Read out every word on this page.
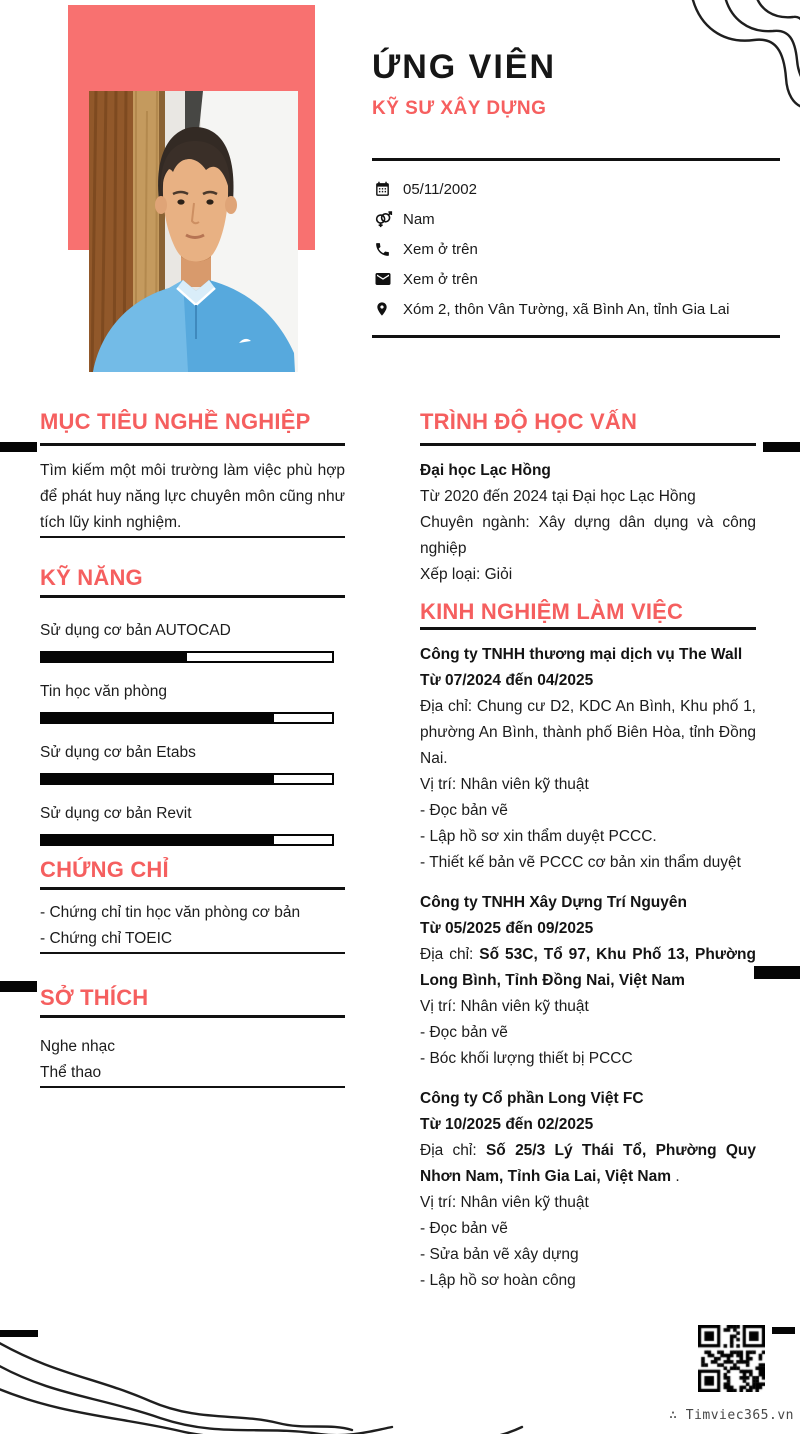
ỨNG VIÊN
KỸ SƯ XÂY DỰNG
05/11/2002
Nam
Xem ở trên
Xem ở trên
Xóm 2, thôn Vân Tường, xã Bình An, tỉnh Gia Lai
MỤC TIÊU NGHỀ NGHIỆP
Tìm kiếm một môi trường làm việc phù hợp để phát huy năng lực chuyên môn cũng như tích lũy kinh nghiệm.
KỸ NĂNG
Sử dụng cơ bản AUTOCAD
Tin học văn phòng
Sử dụng cơ bản Etabs
Sử dụng cơ bản Revit
CHỨNG CHỈ
- Chứng chỉ tin học văn phòng cơ bản
- Chứng chỉ TOEIC
SỞ THÍCH
Nghe nhạc
Thể thao
TRÌNH ĐỘ HỌC VẤN
Đại học Lạc Hồng
Từ 2020 đến 2024 tại Đại học Lạc Hồng
Chuyên ngành: Xây dựng dân dụng và công nghiệp
Xếp loại: Giỏi
KINH NGHIỆM LÀM VIỆC
Công ty TNHH thương mại dịch vụ The Wall
Từ 07/2024 đến 04/2025
Địa chỉ: Chung cư D2, KDC An Bình, Khu phố 1, phường An Bình, thành phố Biên Hòa, tỉnh Đồng Nai.
Vị trí: Nhân viên kỹ thuật
- Đọc bản vẽ
- Lập hồ sơ xin thẩm duyệt PCCC.
- Thiết kế bản vẽ PCCC cơ bản xin thẩm duyệt
Công ty TNHH Xây Dựng Trí Nguyên
Từ 05/2025 đến 09/2025
Địa chỉ: Số 53C, Tổ 97, Khu Phố 13, Phường Long Bình, Tỉnh Đồng Nai, Việt Nam
Vị trí: Nhân viên kỹ thuật
- Đọc bản vẽ
- Bóc khối lượng thiết bị PCCC
Công ty Cổ phần Long Việt FC
Từ 10/2025 đến 02/2025
Địa chỉ: Số 25/3 Lý Thái Tổ, Phường Quy Nhơn Nam, Tỉnh Gia Lai, Việt Nam .
Vị trí: Nhân viên kỹ thuật
- Đọc bản vẽ
- Sửa bản vẽ xây dựng
- Lập hồ sơ hoàn công
∴ Timviec365.vn
